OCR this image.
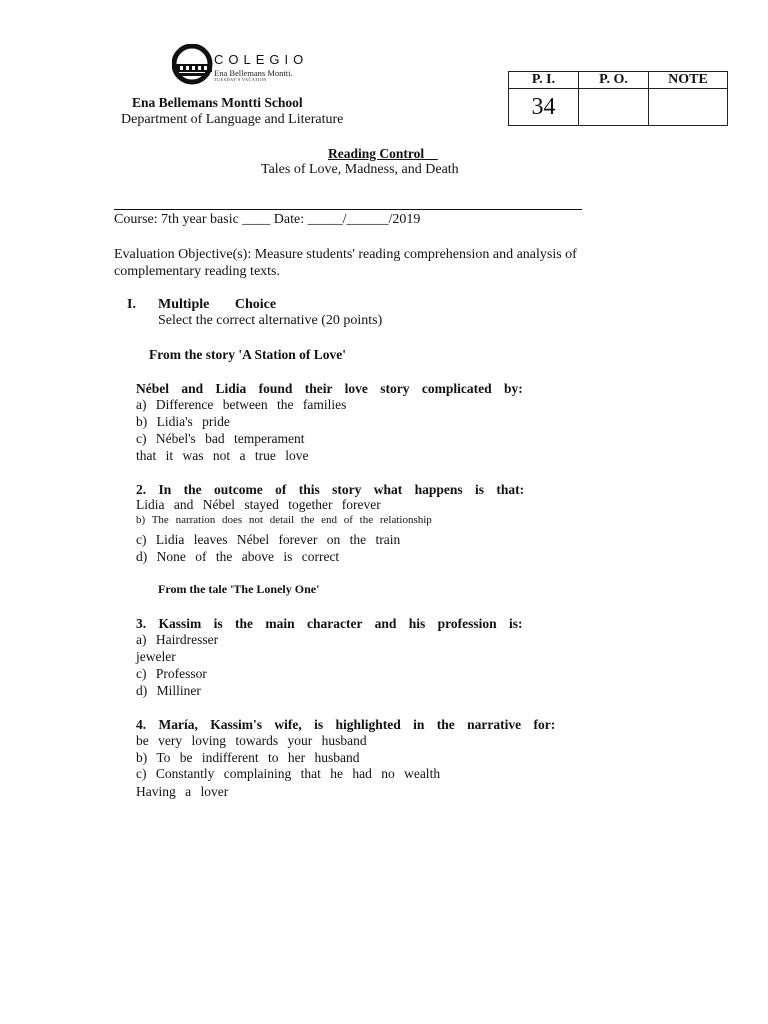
COLEGIO
Ena Bellemans Montti.
TUESDAY'S VACATION	P. I.	P. O.	NOTE
34		
Ena Bellemans Montti School
Department of Language and Literature
Reading Control__
Tales of Love, Madness, and Death
Course: 7th year basic ____ Date: _____/______/2019
Evaluation Objective(s): Measure students' reading comprehension and analysis of complementary reading texts.
I. Multiple Choice
Select the correct alternative (20 points)
From the story 'A Station of Love'
Nébel and Lidia found their love story complicated by:
a) Difference between the families
b) Lidia's pride
c) Nébel's bad temperament
that it was not a true love
2. In the outcome of this story what happens is that:
Lidia and Nébel stayed together forever
b) The narration does not detail the end of the relationship
c) Lidia leaves Nébel forever on the train
d) None of the above is correct
From the tale 'The Lonely One'
3. Kassim is the main character and his profession is:
a) Hairdresser
jeweler
c) Professor
d) Milliner
4. María, Kassim's wife, is highlighted in the narrative for:
be very loving towards your husband
b) To be indifferent to her husband
c) Constantly complaining that he had no wealth
Having a lover
